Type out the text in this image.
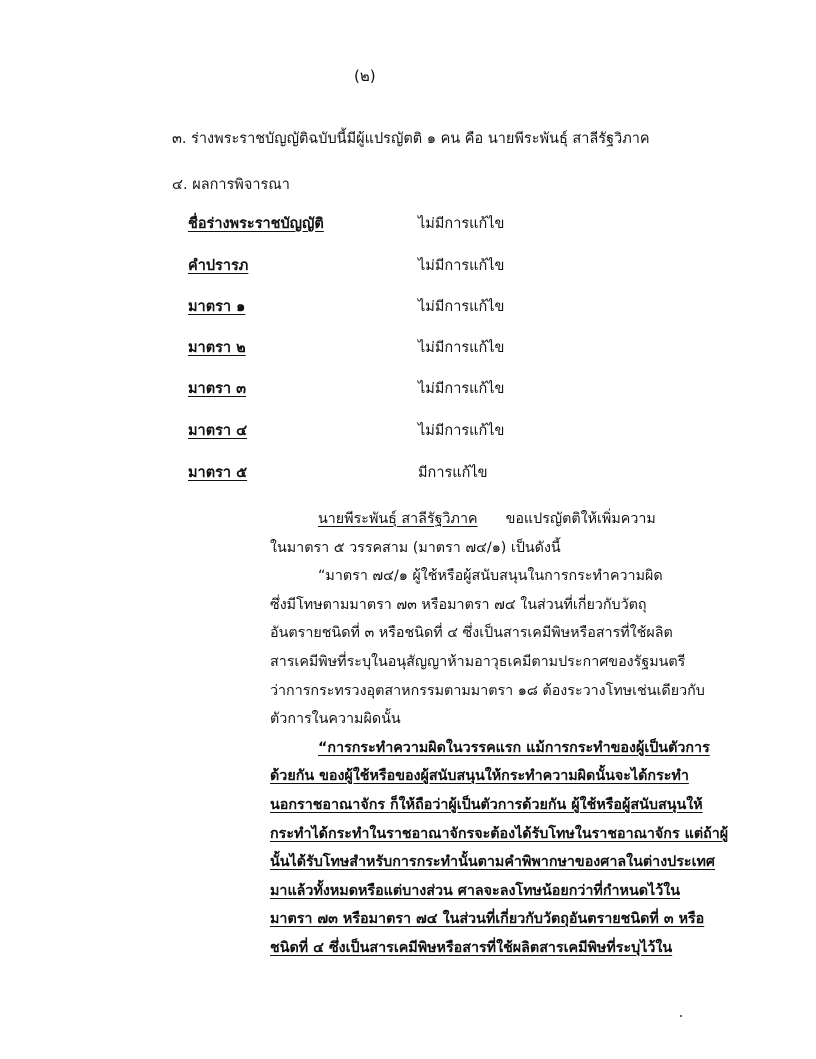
(๒)
๓. ร่างพระราชบัญญัติฉบับนี้มีผู้แปรญัตติ ๑ คน คือ นายพีระพันธุ์ สาลีรัฐวิภาค
๔. ผลการพิจารณา
ชื่อร่างพระราชบัญญัติ	ไม่มีการแก้ไข
คำปรารภ	ไม่มีการแก้ไข
มาตรา ๑	ไม่มีการแก้ไข
มาตรา ๒	ไม่มีการแก้ไข
มาตรา ๓	ไม่มีการแก้ไข
มาตรา ๔	ไม่มีการแก้ไข
มาตรา ๕	มีการแก้ไข
นายพีระพันธุ์ สาลีรัฐวิภาค ขอแปรญัตติให้เพิ่มความ
ในมาตรา ๕ วรรคสาม (มาตรา ๗๔/๑) เป็นดังนี้
“มาตรา ๗๔/๑ ผู้ใช้หรือผู้สนับสนุนในการกระทำความผิด
ซึ่งมีโทษตามมาตรา ๗๓ หรือมาตรา ๗๔ ในส่วนที่เกี่ยวกับวัตถุ
อันตรายชนิดที่ ๓ หรือชนิดที่ ๔ ซึ่งเป็นสารเคมีพิษหรือสารที่ใช้ผลิต
สารเคมีพิษที่ระบุในอนุสัญญาห้ามอาวุธเคมีตามประกาศของรัฐมนตรี
ว่าการกระทรวงอุตสาหกรรมตามมาตรา ๑๘ ต้องระวางโทษเช่นเดียวกับ
ตัวการในความผิดนั้น
“การกระทำความผิดในวรรคแรก แม้การกระทำของผู้เป็นตัวการ
ด้วยกัน ของผู้ใช้หรือของผู้สนับสนุนให้กระทำความผิดนั้นจะได้กระทำ
นอกราชอาณาจักร ก็ให้ถือว่าผู้เป็นตัวการด้วยกัน ผู้ใช้หรือผู้สนับสนุนให้
กระทำได้กระทำในราชอาณาจักรจะต้องได้รับโทษในราชอาณาจักร แต่ถ้าผู้
นั้นได้รับโทษสำหรับการกระทำนั้นตามคำพิพากษาของศาลในต่างประเทศ
มาแล้วทั้งหมดหรือแต่บางส่วน ศาลจะลงโทษน้อยกว่าที่กำหนดไว้ใน
มาตรา ๗๓ หรือมาตรา ๗๔ ในส่วนที่เกี่ยวกับวัตถุอันตรายชนิดที่ ๓ หรือ
ชนิดที่ ๔ ซึ่งเป็นสารเคมีพิษหรือสารที่ใช้ผลิตสารเคมีพิษที่ระบุไว้ใน
